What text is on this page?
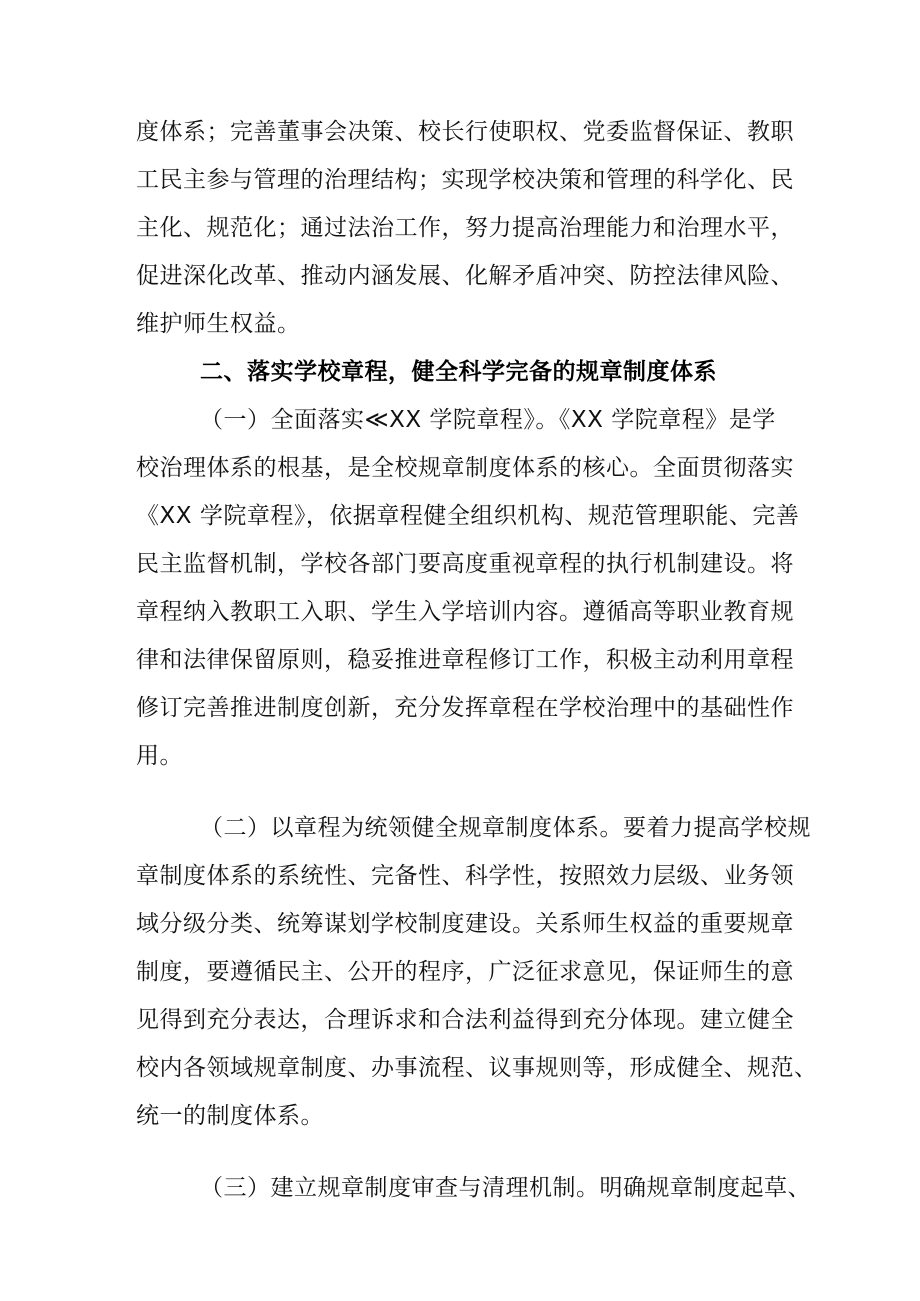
度体系；完善董事会决策、校长行使职权、党委监督保证、教职
工民主参与管理的治理结构；实现学校决策和管理的科学化、民
主化、规范化；通过法治工作，努力提高治理能力和治理水平，
促进深化改革、推动内涵发展、化解矛盾冲突、防控法律风险、
维护师生权益。
二、落实学校章程，健全科学完备的规章制度体系
（一）全面落实≪XX 学院章程》。《XX 学院章程》是学
校治理体系的根基，是全校规章制度体系的核心。全面贯彻落实
《XX 学院章程》，依据章程健全组织机构、规范管理职能、完善
民主监督机制，学校各部门要高度重视章程的执行机制建设。将
章程纳入教职工入职、学生入学培训内容。遵循高等职业教育规
律和法律保留原则，稳妥推进章程修订工作，积极主动利用章程
修订完善推进制度创新，充分发挥章程在学校治理中的基础性作
用。
（二）以章程为统领健全规章制度体系。要着力提高学校规
章制度体系的系统性、完备性、科学性，按照效力层级、业务领
域分级分类、统筹谋划学校制度建设。关系师生权益的重要规章
制度，要遵循民主、公开的程序，广泛征求意见，保证师生的意
见得到充分表达，合理诉求和合法利益得到充分体现。建立健全
校内各领域规章制度、办事流程、议事规则等，形成健全、规范、
统一的制度体系。
（三）建立规章制度审查与清理机制。明确规章制度起草、
